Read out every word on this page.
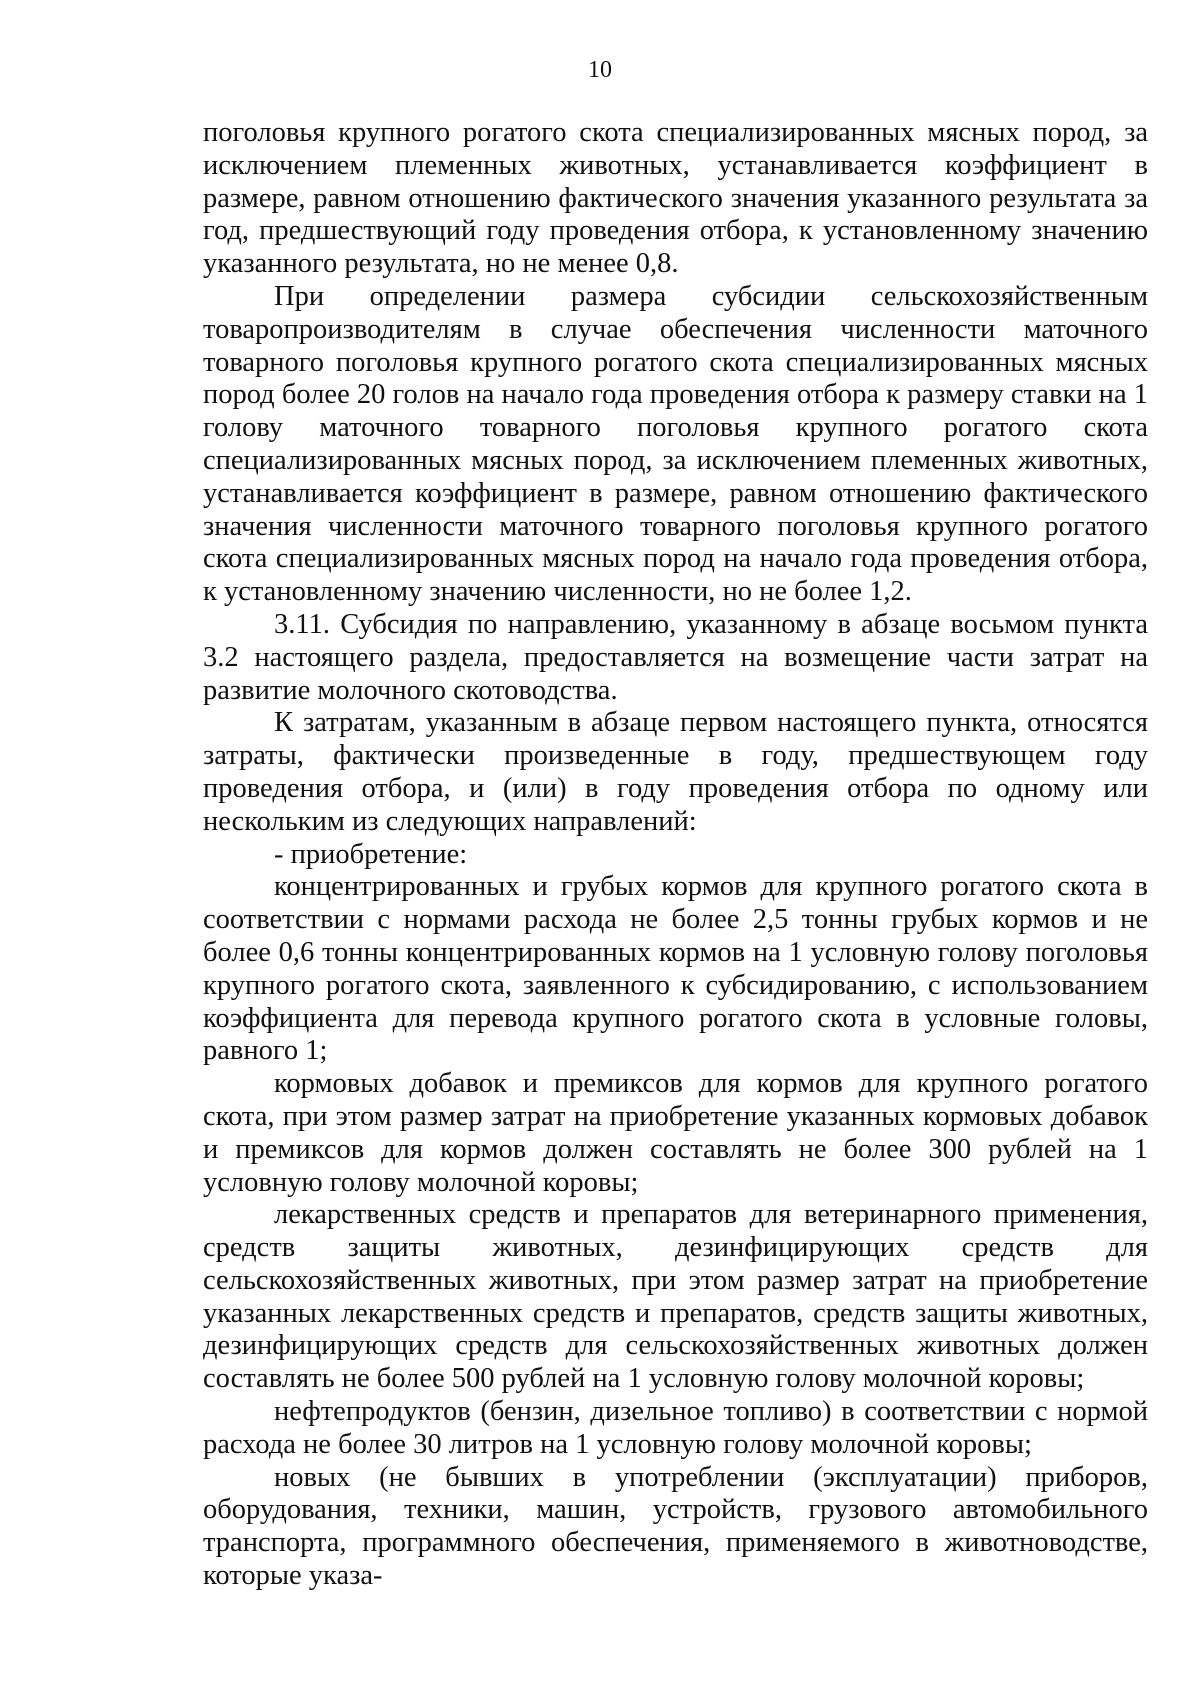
10

поголовья крупного рогатого скота специализированных мясных пород, за исключением племенных животных, устанавливается коэффициент в размере, равном отношению фактического значения указанного результата за год, предшествующий году проведения отбора, к установленному значению указанного результата, но не менее 0,8.

При определении размера субсидии сельскохозяйственным товаропроизводителям в случае обеспечения численности маточного товарного поголовья крупного рогатого скота специализированных мясных пород более 20 голов на начало года проведения отбора к размеру ставки на 1 голову маточного товарного поголовья крупного рогатого скота специализированных мясных пород, за исключением племенных животных, устанавливается коэффициент в размере, равном отношению фактического значения численности маточного товарного поголовья крупного рогатого скота специализированных мясных пород на начало года проведения отбора, к установленному значению численности, но не более 1,2.

3.11. Субсидия по направлению, указанному в абзаце восьмом пункта 3.2 настоящего раздела, предоставляется на возмещение части затрат на развитие молочного скотоводства.

К затратам, указанным в абзаце первом настоящего пункта, относятся затраты, фактически произведенные в году, предшествующем году проведения отбора, и (или) в году проведения отбора по одному или нескольким из следующих направлений:

- приобретение:

концентрированных и грубых кормов для крупного рогатого скота в соответствии с нормами расхода не более 2,5 тонны грубых кормов и не более 0,6 тонны концентрированных кормов на 1 условную голову поголовья крупного рогатого скота, заявленного к субсидированию, с использованием коэффициента для перевода крупного рогатого скота в условные головы, равного 1;

кормовых добавок и премиксов для кормов для крупного рогатого скота, при этом размер затрат на приобретение указанных кормовых добавок и премиксов для кормов должен составлять не более 300 рублей на 1 условную голову молочной коровы;

лекарственных средств и препаратов для ветеринарного применения, средств защиты животных, дезинфицирующих средств для сельскохозяйственных животных, при этом размер затрат на приобретение указанных лекарственных средств и препаратов, средств защиты животных, дезинфицирующих средств для сельскохозяйственных животных должен составлять не более 500 рублей на 1 условную голову молочной коровы;

нефтепродуктов (бензин, дизельное топливо) в соответствии с нормой расхода не более 30 литров на 1 условную голову молочной коровы;

новых (не бывших в употреблении (эксплуатации) приборов, оборудования, техники, машин, устройств, грузового автомобильного транспорта, программного обеспечения, применяемого в животноводстве, которые указа-
